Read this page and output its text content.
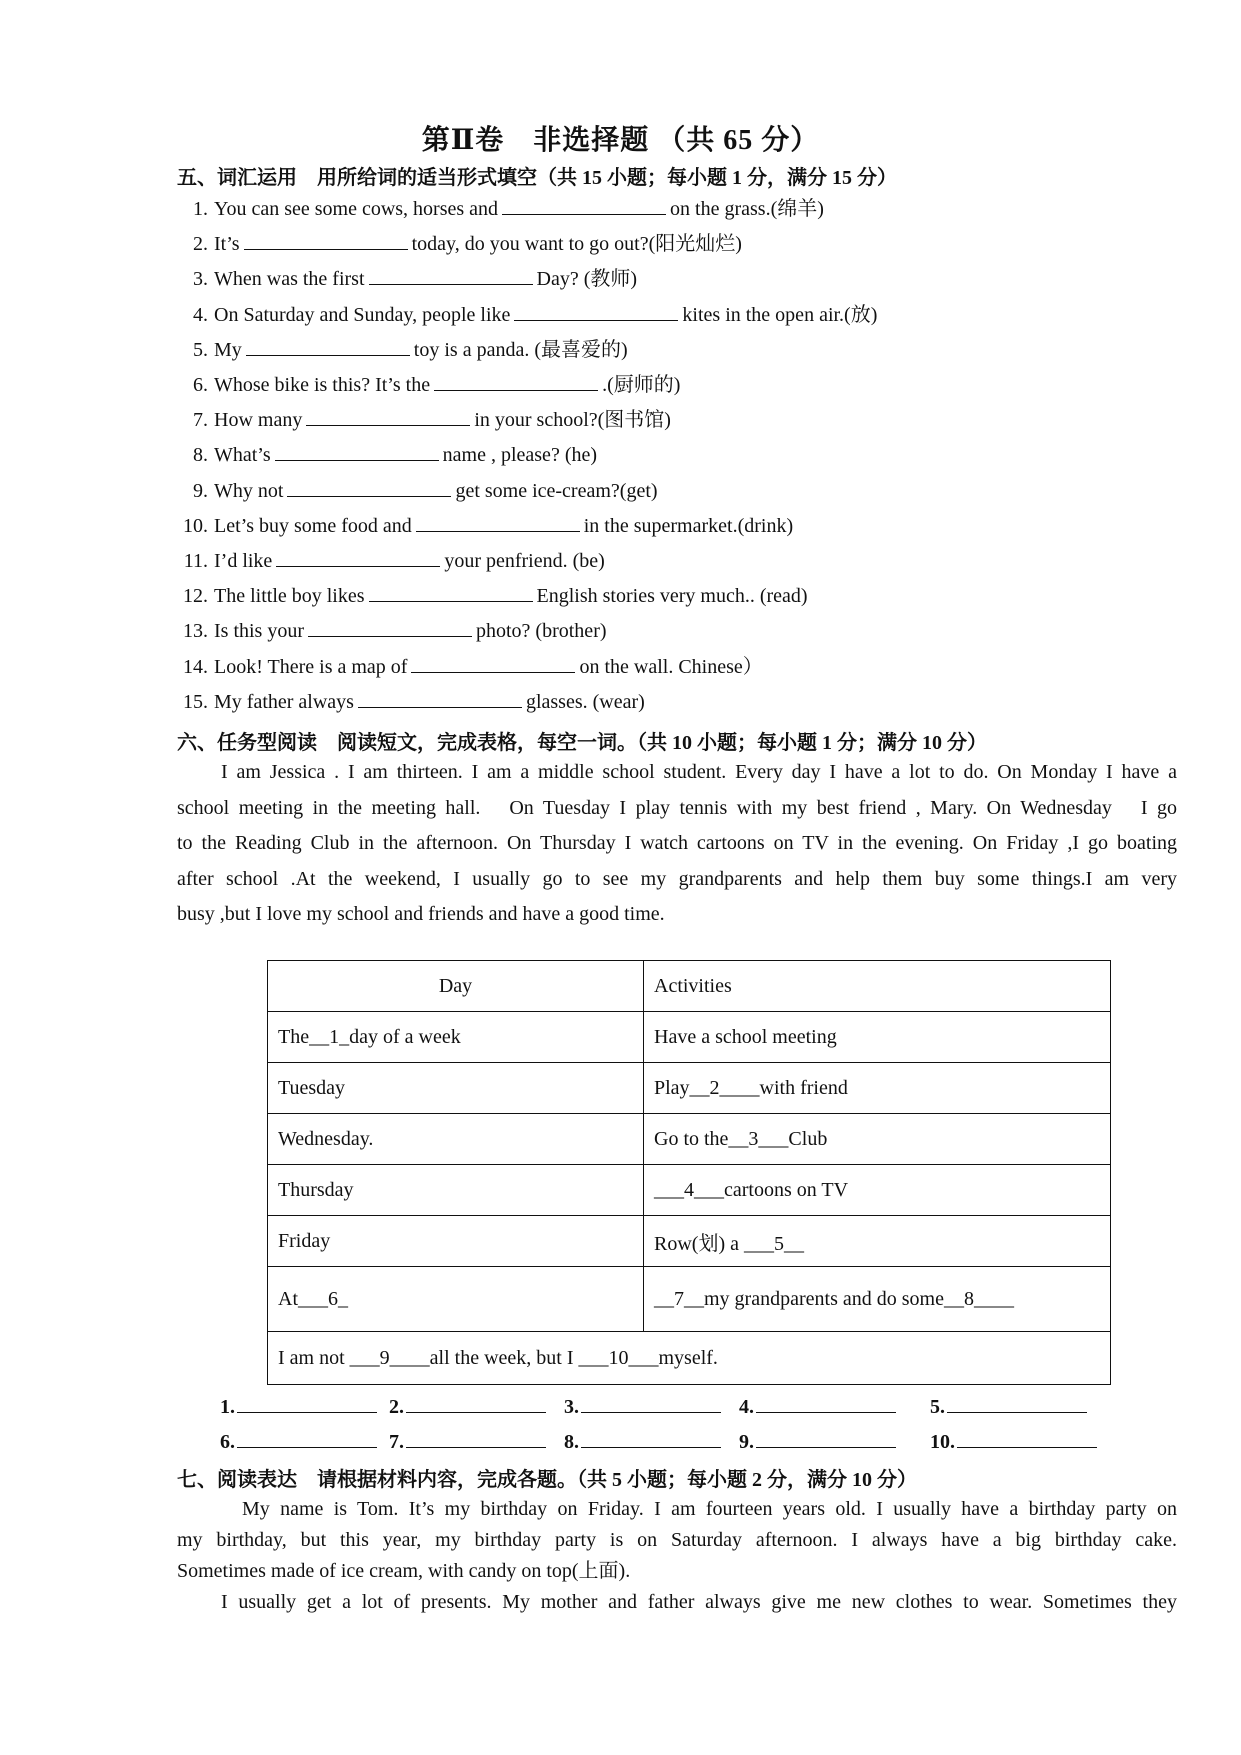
第Ⅱ卷　非选择题 （共 65 分）
五、词汇运用　用所给词的适当形式填空（共 15 小题；每小题 1 分，满分 15 分）
1. You can see some cows, horses and	on the grass.(绵羊)
2. It’s	today, do you want to go out?(阳光灿烂)
3. When was the first	Day? (教师)
4. On Saturday and Sunday, people like	kites in the open air.(放)
5. My	toy is a panda. (最喜爱的)
6. Whose bike is this? It’s the	.(厨师的)
7. How many	in your school?(图书馆)
8. What’s	name , please? (he)
9. Why not	get some ice-cream?(get)
10. Let’s buy some food and	in the supermarket.(drink)
11. I’d like	your penfriend. (be)
12. The little boy likes	English stories very much.. (read)
13. Is this your	photo? (brother)
14. Look! There is a map of	on the wall. Chinese）
15. My father always	glasses. (wear)
六、任务型阅读　阅读短文，完成表格，每空一词。（共 10 小题；每小题 1 分；满分 10 分）
I am Jessica . I am thirteen. I am a middle school student. Every day I have a lot to do. On Monday I have a
school meeting in the meeting hall.　On Tuesday I play tennis with my best friend , Mary. On Wednesday　I go
to the Reading Club in the afternoon. On Thursday I watch cartoons on TV in the evening. On Friday ,I go boating
after school .At the weekend, I usually go to see my grandparents and help them buy some things.I am very
busy ,but I love my school and friends and have a good time.
Day	Activities
The__1_day of a week	Have a school meeting
Tuesday	Play__2____with friend
Wednesday.	Go to the__3___Club
Thursday	___4___cartoons on TV
Friday	Row(划) a ___5__
At___6_	__7__my grandparents and do some__8____
I am not ___9____all the week, but I ___10___myself.	
1.	2.	3.	4.	5.
6.	7.	8.	9.	10.
七、阅读表达　请根据材料内容，完成各题。（共 5 小题；每小题 2 分，满分 10 分）
My name is Tom. It’s my birthday on Friday. I am fourteen years old. I usually have a birthday party on
my birthday, but this year, my birthday party is on Saturday afternoon. I always have a big birthday cake.
Sometimes made of ice cream, with candy on top(上面).
I usually get a lot of presents. My mother and father always give me new clothes to wear. Sometimes they
